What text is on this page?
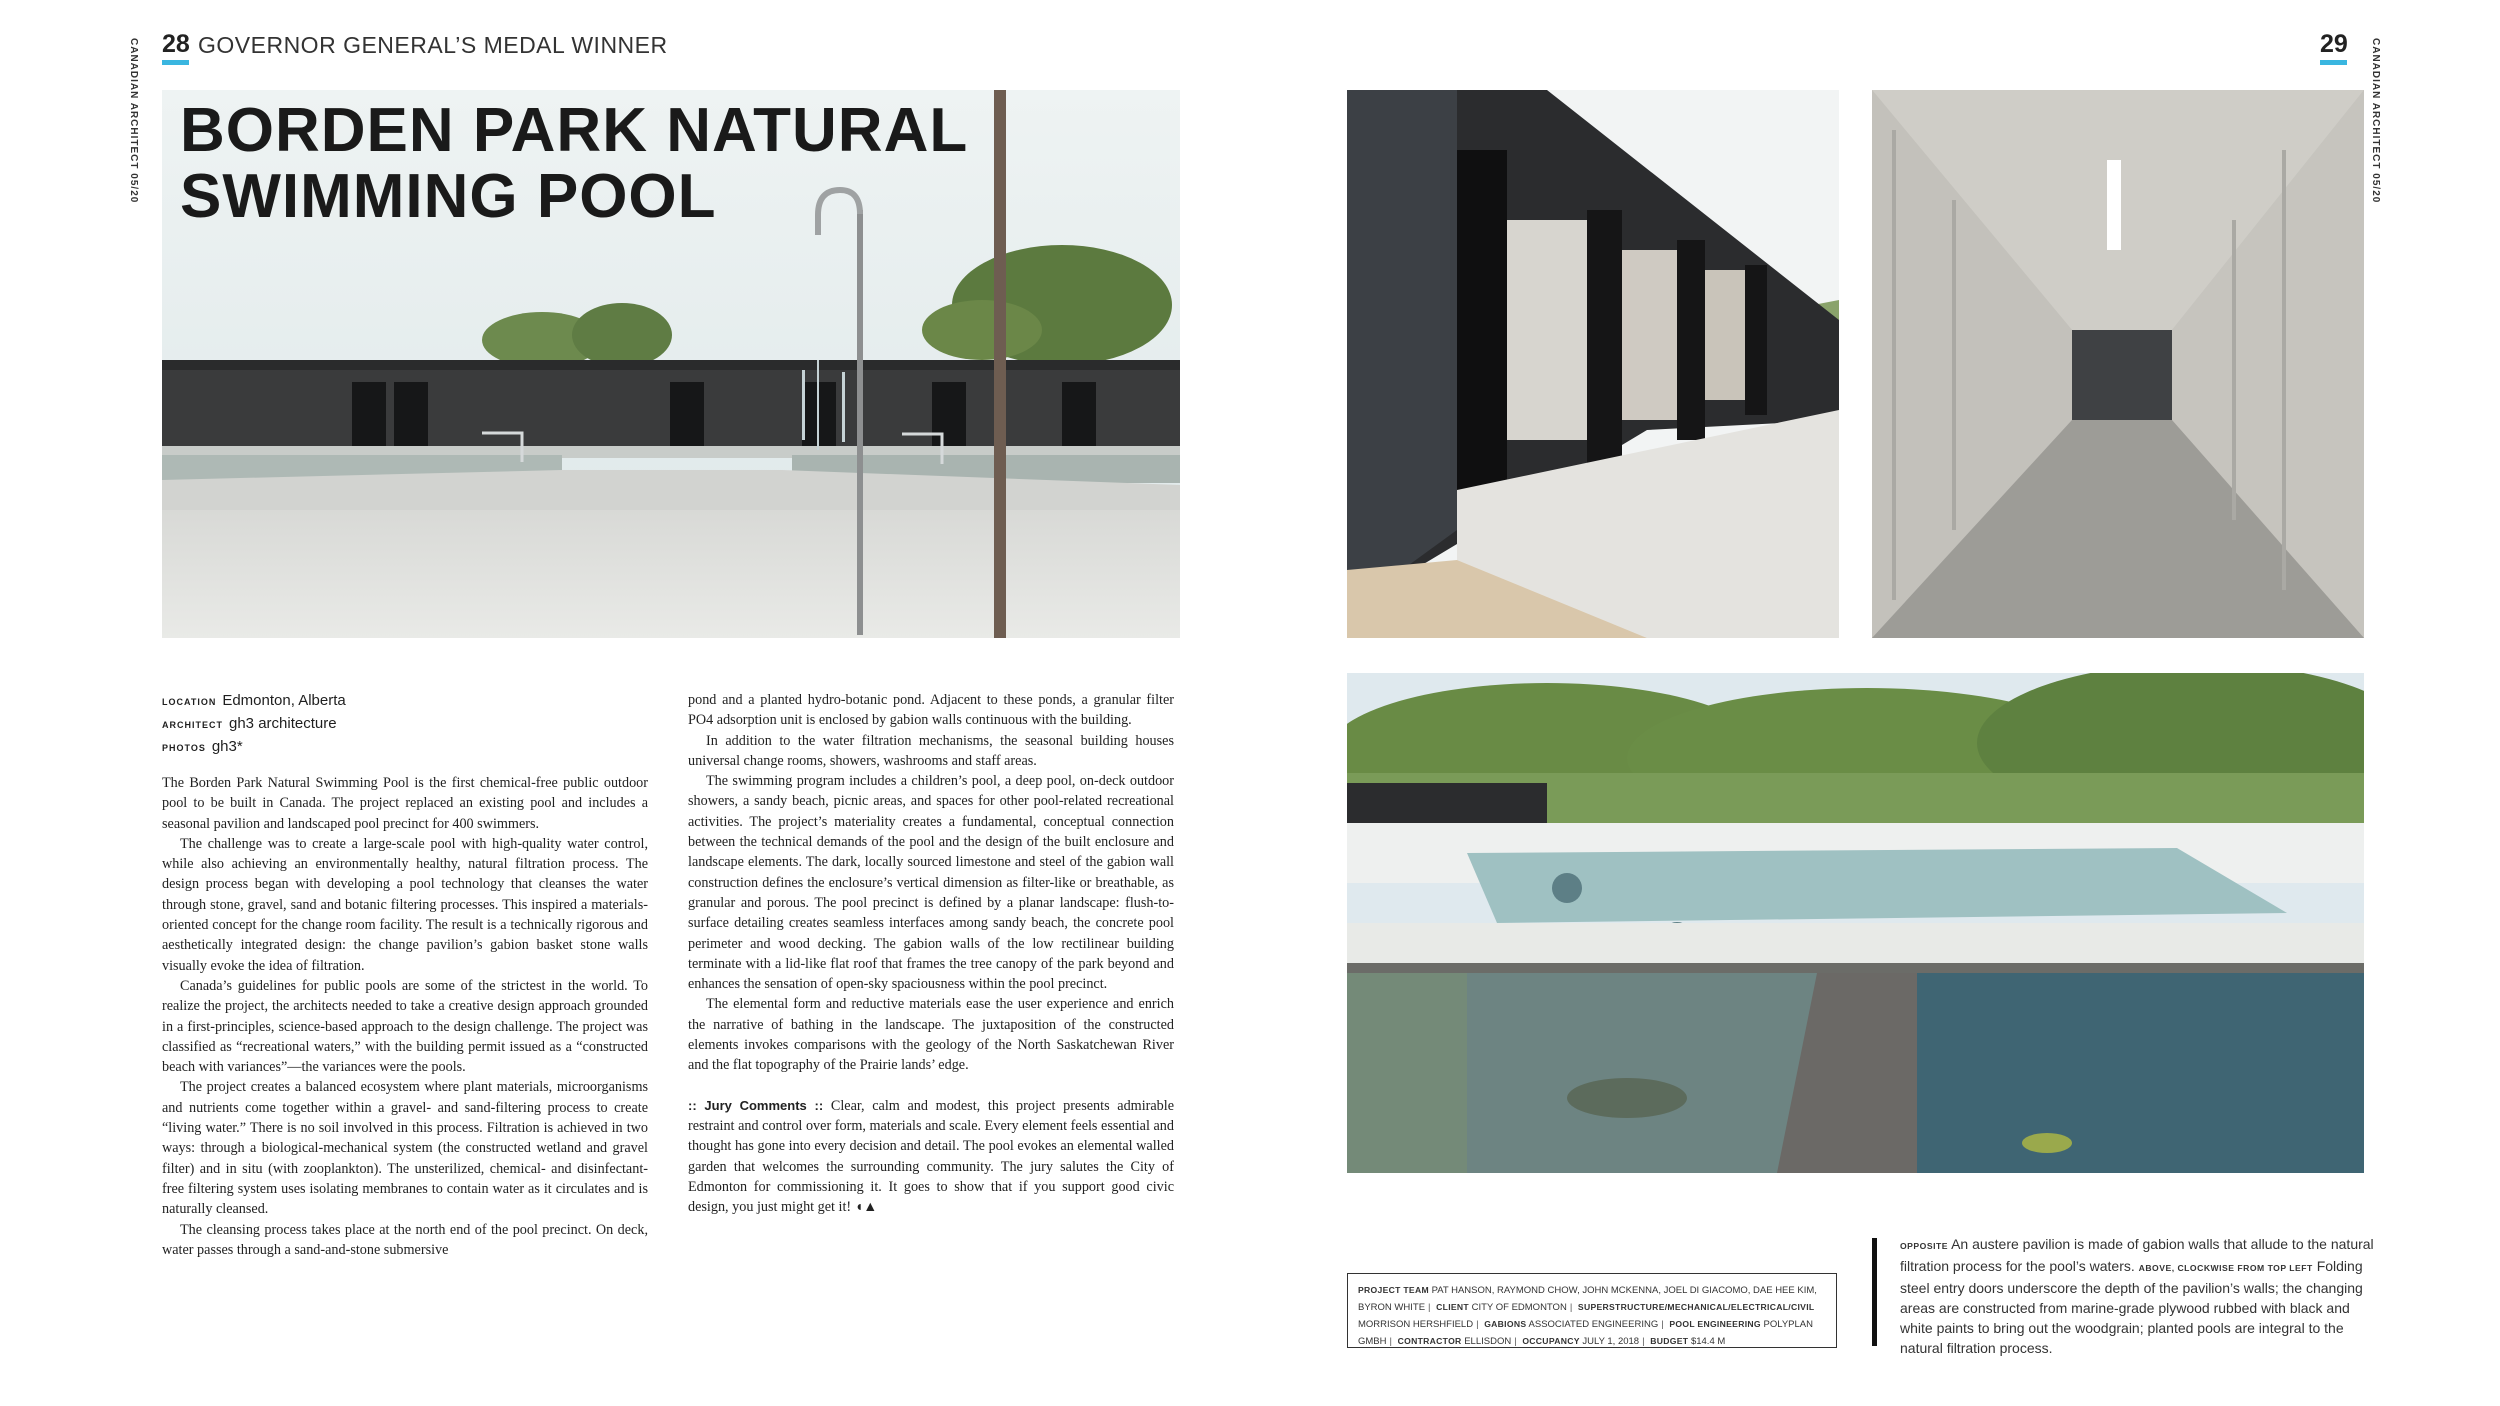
CANADIAN ARCHITECT 05/20 28 GOVERNOR GENERAL’S MEDAL WINNER
BORDEN PARK NATURAL
SWIMMING POOL
LOCATION Edmonton, Alberta
ARCHITECT gh3 architecture
PHOTOS gh3*

The Borden Park Natural Swimming Pool is the first chemical-free public outdoor pool to be built in Canada. The project replaced an existing pool and includes a seasonal pavilion and landscaped pool precinct for 400 swimmers.

The challenge was to create a large-scale pool with high-quality water control, while also achieving an environmentally healthy, natural filtration process. The design process began with developing a pool technology that cleanses the water through stone, gravel, sand and botanic filtering processes. This inspired a materials-oriented concept for the change room facility. The result is a technically rigorous and aesthetically integrated design: the change pavilion’s gabion basket stone walls visually evoke the idea of filtration.

Canada’s guidelines for public pools are some of the strictest in the world. To realize the project, the architects needed to take a creative design approach grounded in a first-principles, science-based approach to the design challenge. The project was classified as “recreational waters,” with the building permit issued as a “constructed beach with variances”—the variances were the pools.

The project creates a balanced ecosystem where plant materials, microorganisms and nutrients come together within a gravel- and sand-filtering process to create “living water.” There is no soil involved in this process. Filtration is achieved in two ways: through a biological-mechanical system (the constructed wetland and gravel filter) and in situ (with zooplankton). The unsterilized, chemical- and disinfectant-free filtering system uses isolating membranes to contain water as it circulates and is naturally cleansed.

The cleansing process takes place at the north end of the pool precinct. On deck, water passes through a sand-and-stone submersive

pond and a planted hydro-botanic pond. Adjacent to these ponds, a granular filter PO4 adsorption unit is enclosed by gabion walls continuous with the building.

In addition to the water filtration mechanisms, the seasonal building houses universal change rooms, showers, washrooms and staff areas.

The swimming program includes a children’s pool, a deep pool, on-deck outdoor showers, a sandy beach, picnic areas, and spaces for other pool-related recreational activities. The project’s materiality creates a fundamental, conceptual connection between the technical demands of the pool and the design of the built enclosure and landscape elements. The dark, locally sourced limestone and steel of the gabion wall construction defines the enclosure’s vertical dimension as filter-like or breathable, as granular and porous. The pool precinct is defined by a planar landscape: flush-to-surface detailing creates seamless interfaces among sandy beach, the concrete pool perimeter and wood decking. The gabion walls of the low rectilinear building terminate with a lid-like flat roof that frames the tree canopy of the park beyond and enhances the sensation of open-sky spaciousness within the pool precinct.

The elemental form and reductive materials ease the user experience and enrich the narrative of bathing in the landscape. The juxtaposition of the constructed elements invokes comparisons with the geology of the North Saskatchewan River and the flat topography of the Prairie lands’ edge.

:: Jury Comments :: Clear, calm and modest, this project presents admirable restraint and control over form, materials and scale. Every element feels essential and thought has gone into every decision and detail. The pool evokes an elemental walled garden that welcomes the surrounding community. The jury salutes the City of Edmonton for commissioning it. It goes to show that if you support good civic design, you just might get it! ◖▲

29 CANADIAN ARCHITECT 05/20
PROJECT TEAM PAT HANSON, RAYMOND CHOW, JOHN MCKENNA, JOEL DI GIACOMO, DAE HEE KIM, BYRON WHITE | CLIENT CITY OF EDMONTON | SUPERSTRUCTURE/MECHANICAL/ELECTRICAL/CIVIL MORRISON HERSHFIELD | GABIONS ASSOCIATED ENGINEERING | POOL ENGINEERING POLYPLAN GMBH | CONTRACTOR ELLISDON | OCCUPANCY JULY 1, 2018 | BUDGET $14.4 M
OPPOSITE An austere pavilion is made of gabion walls that allude to the natural filtration process for the pool’s waters. ABOVE, CLOCKWISE FROM TOP LEFT Folding steel entry doors underscore the depth of the pavilion’s walls; the changing areas are constructed from marine-grade plywood rubbed with black and white paints to bring out the woodgrain; planted pools are integral to the natural filtration process.
